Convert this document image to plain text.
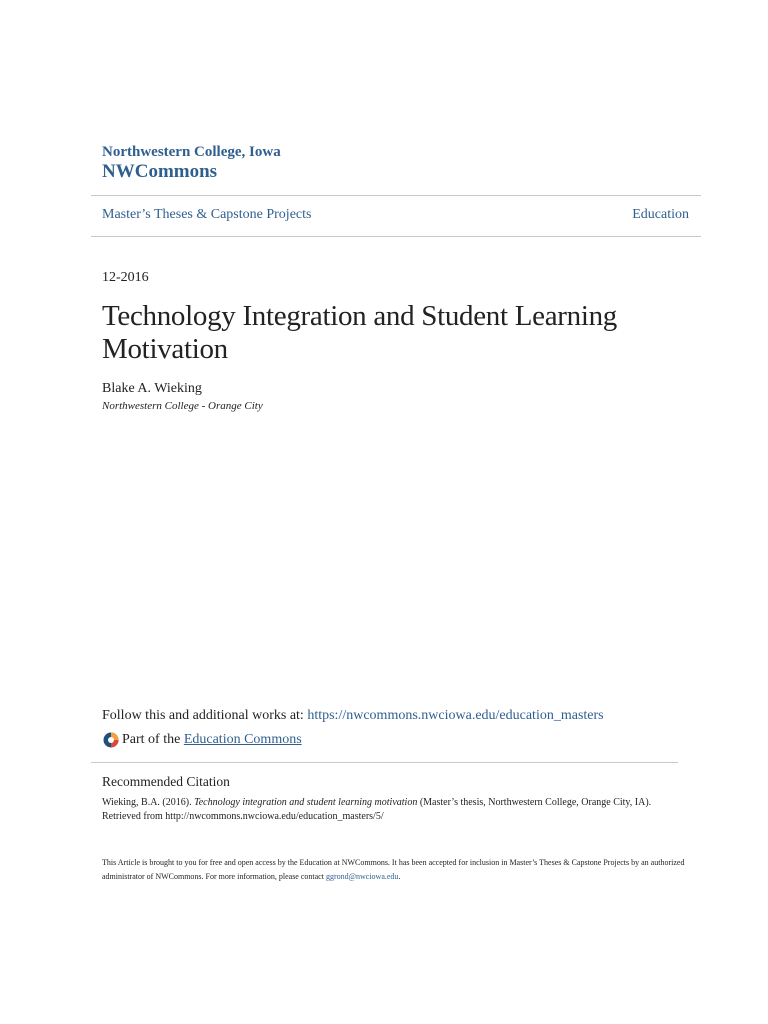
Northwestern College, Iowa
NWCommons
Master’s Theses & Capstone Projects	Education
12-2016
Technology Integration and Student Learning Motivation
Blake A. Wieking
Northwestern College - Orange City
Follow this and additional works at: https://nwcommons.nwciowa.edu/education_masters
Part of the
Education Commons
Recommended Citation
Wieking, B.A. (2016). Technology integration and student learning motivation (Master’s thesis, Northwestern College, Orange City, IA).
Retrieved from http://nwcommons.nwciowa.edu/education_masters/5/
This Article is brought to you for free and open access by the Education at NWCommons. It has been accepted for inclusion in Master’s Theses & Capstone Projects by an authorized administrator of NWCommons. For more information, please contact ggrond@nwciowa.edu.
